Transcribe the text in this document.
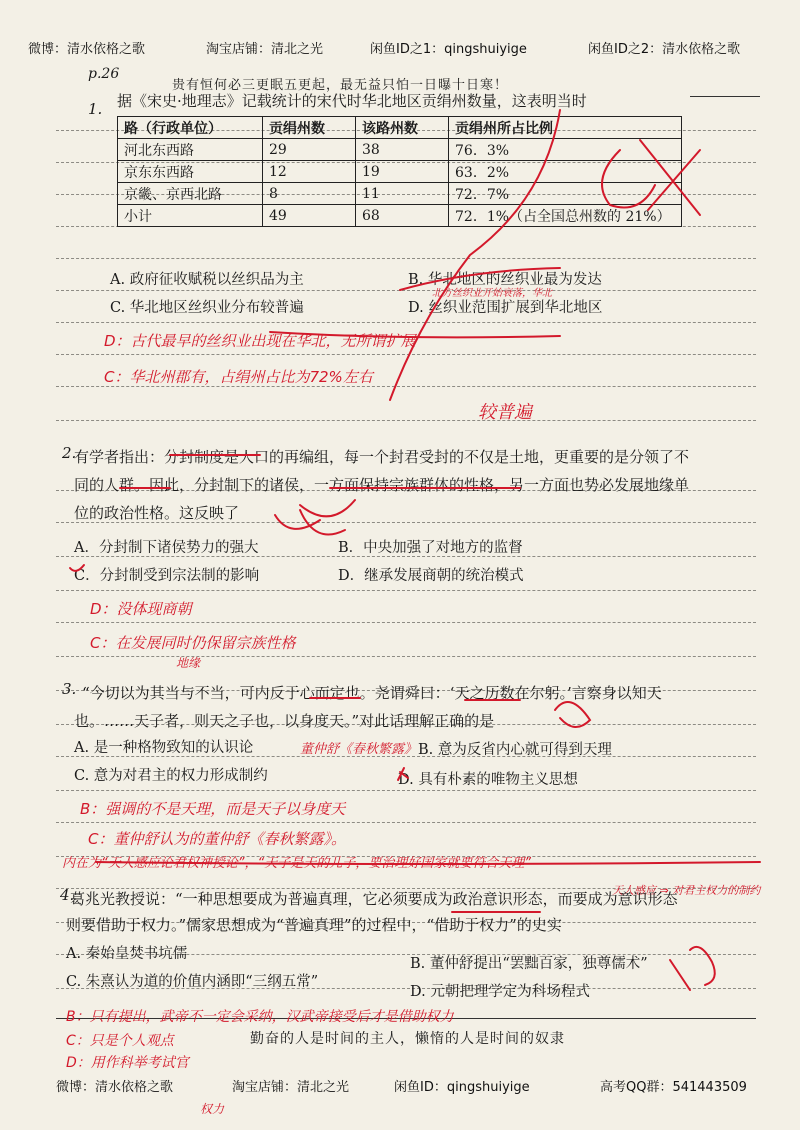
微博：清水依格之歌	淘宝店铺：清北之光	闲鱼ID之1：qingshuiyige	闲鱼ID之2：清水依格之歌
p.26
贵有恒何必三更眠五更起，最无益只怕一日曝十日寒！
1. 据《宋史·地理志》记载统计的宋代时华北地区贡绢州数量，这表明当时
路（行政单位）	贡绢州数	该路州数	贡绢州所占比例
河北东西路	29	38	76．3%
京东东西路	12	19	63．2%
京畿、京西北路	8	11	72．7%
小计	49	68	72．1%（占全国总州数的 21%）
A. 政府征收赋税以丝织品为主	B. 华北地区的丝织业最为发达
C. 华北地区丝织业分布较普遍	D. 丝织业范围扩展到华北地区
D：古代最早的丝织业出现在华北，无所谓扩展
C：华北州郡有，占绢州占比为72%左右
较普遍
北方丝织业开始衰落，华北
2.
有学者指出：分封制度是人口的再编组，每一个封君受封的不仅是土地，更重要的是分领了不
同的人群。因此，分封制下的诸侯，一方面保持宗族群体的性格，另一方面也势必发展地缘单
位的政治性格。这反映了
A．分封制下诸侯势力的强大	B．中央加强了对地方的监督
C．分封制受到宗法制的影响	D．继承发展商朝的统治模式
D：没体现商朝
C：在发展同时仍保留宗族性格
地缘
3. “今切以为其当与不当，可内反于心而定也。尧谓舜曰：‘天之历数在尔躬。’言察身以知天
也。……天子者，则天之子也，以身度天。”对此话理解正确的是
A. 是一种格物致知的认识论	B. 意为反省内心就可得到天理
C. 意为对君主的权力形成制约	D. 具有朴素的唯物主义思想
董仲舒《春秋繁露》
B：强调的不是天理，而是天子以身度天
C：董仲舒认为的董仲舒《春秋繁露》。
内在为“天人感应论君权神授论”，“天子是天的儿子，要治理好国家就要符合天理”
天人感应 ⇒ 对君主权力的制约
4.
葛兆光教授说：“一种思想要成为普遍真理，它必须要成为政治意识形态，而要成为意识形态
则要借助于权力。”儒家思想成为“普遍真理”的过程中，“借助于权力”的史实
A. 秦始皇焚书坑儒
B. 董仲舒提出“罢黜百家，独尊儒术”
C. 朱熹认为道的价值内涵即“三纲五常”
D. 元朝把理学定为科场程式
B：只有提出，武帝不一定会采纳，汉武帝接受后才是借助权力
C：只是个人观点
D：用作科举考试官
权力
勤奋的人是时间的主人，懒惰的人是时间的奴隶
微博：清水依格之歌	淘宝店铺：清北之光	闲鱼ID：qingshuiyige	高考QQ群：541443509
